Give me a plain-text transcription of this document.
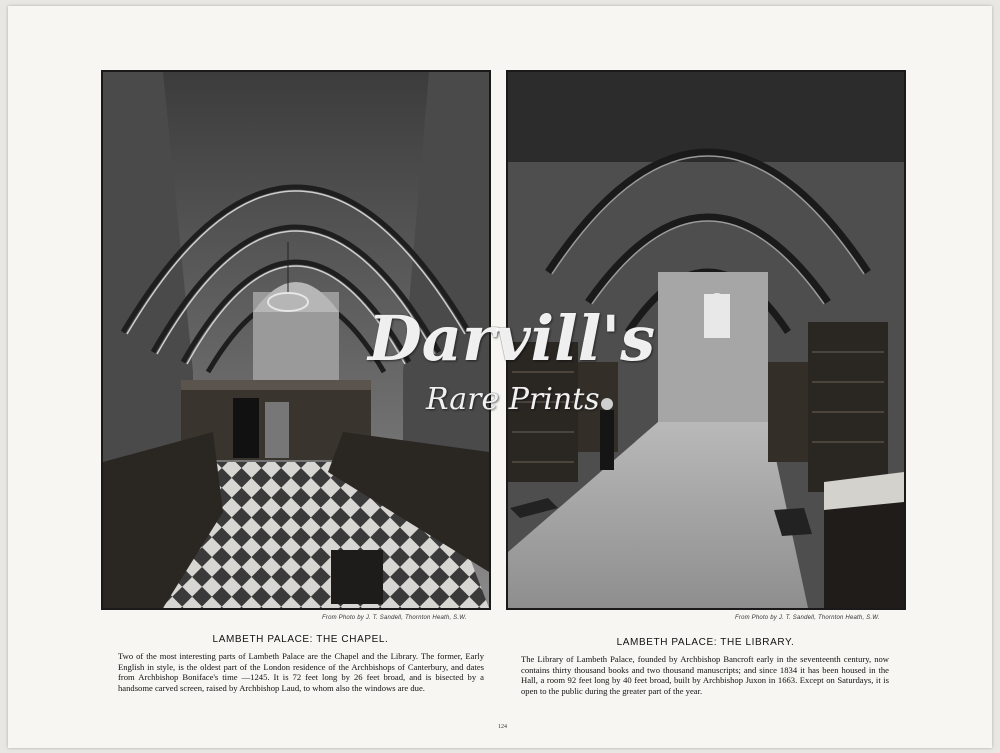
From Photo by J. T. Sandell, Thornton Heath, S.W.	From Photo by J. T. Sandell, Thornton Heath, S.W.
LAMBETH PALACE: THE CHAPEL.	LAMBETH PALACE: THE LIBRARY.
Two of the most interesting parts of Lambeth Palace are the Chapel and the Library. The former, Early English in style, is the oldest part of the London residence of the Archbishops of Canterbury, and dates from Archbishop Boniface's time —1245. It is 72 feet long by 26 feet broad, and is bisected by a handsome carved screen, raised by Archbishop Laud, to whom also the windows are due.
The Library of Lambeth Palace, founded by Archbishop Bancroft early in the seventeenth century, now contains thirty thousand books and two thousand manuscripts; and since 1834 it has been housed in the Hall, a room 92 feet long by 40 feet broad, built by Archbishop Juxon in 1663. Except on Saturdays, it is open to the public during the greater part of the year.
Darvill's
Rare Prints
124
